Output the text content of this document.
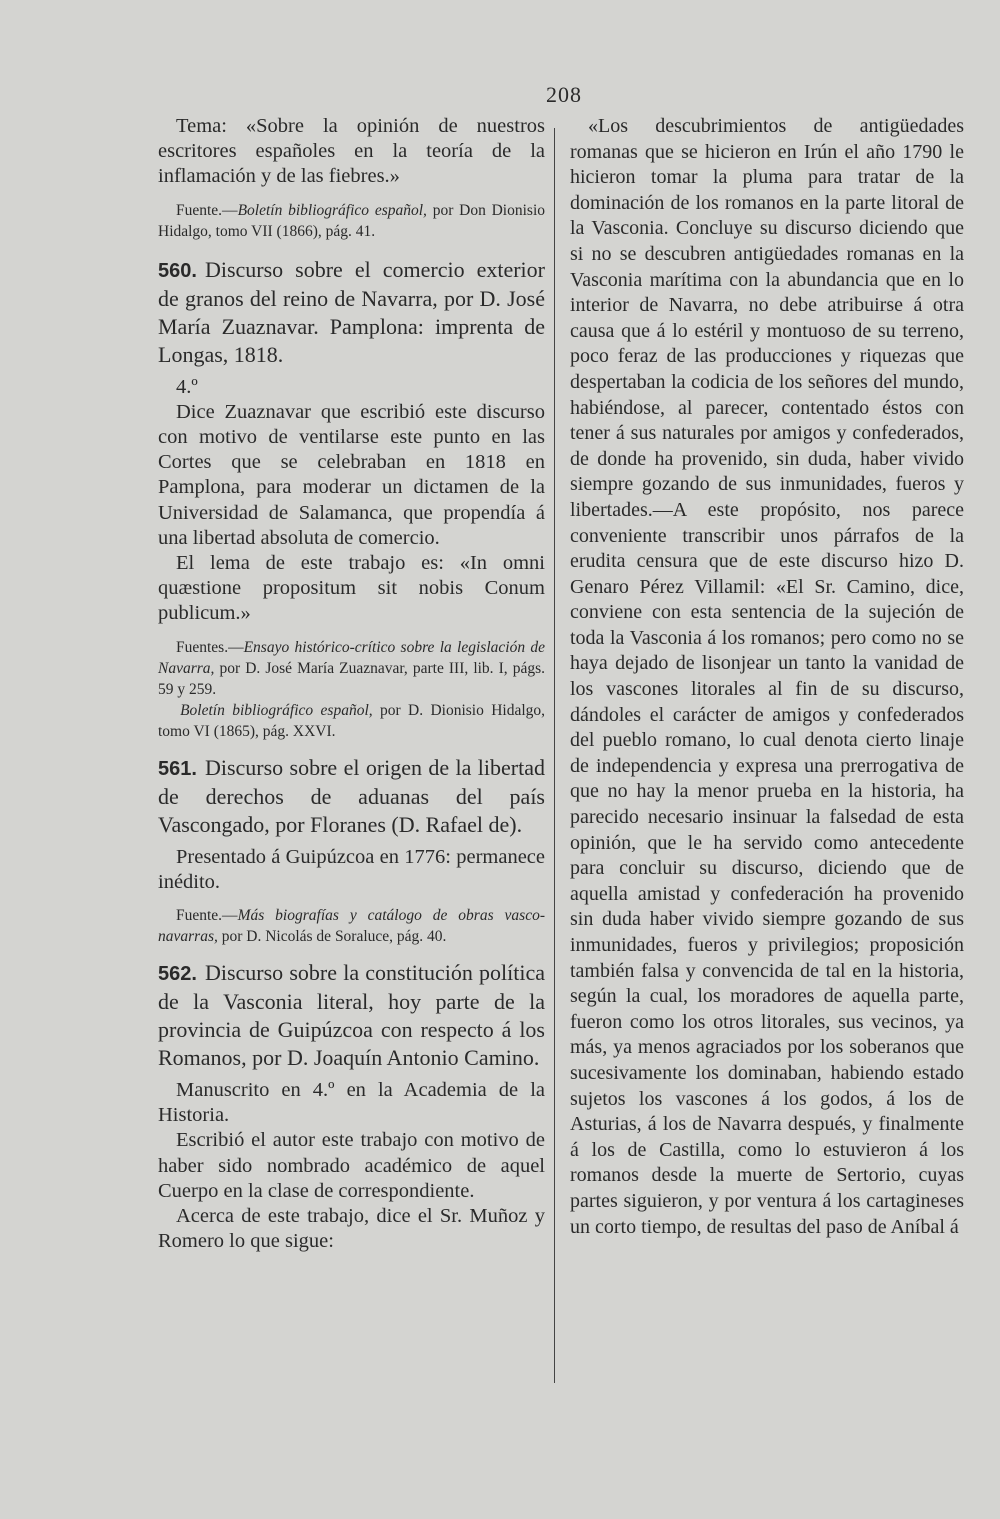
208

Tema: «Sobre la opinión de nuestros escritores españoles en la teoría de la inflamación y de las fiebres.»

Fuente.—Boletín bibliográfico español, por Don Dionisio Hidalgo, tomo VII (1866), pág. 41.

560. Discurso sobre el comercio exterior de granos del reino de Navarra, por D. José María Zuaznavar. Pamplona: imprenta de Longas, 1818.

4.º

Dice Zuaznavar que escribió este discurso con motivo de ventilarse este punto en las Cortes que se celebraban en 1818 en Pamplona, para moderar un dictamen de la Universidad de Salamanca, que propendía á una libertad absoluta de comercio.

El lema de este trabajo es: «In omni quæstione propositum sit nobis Conum publicum.»

Fuentes.—Ensayo histórico-crítico sobre la legislación de Navarra, por D. José María Zuaznavar, parte III, lib. I, págs. 59 y 259.
Boletín bibliográfico español, por D. Dionisio Hidalgo, tomo VI (1865), pág. XXVI.

561. Discurso sobre el origen de la libertad de derechos de aduanas del país Vascongado, por Floranes (D. Rafael de).

Presentado á Guipúzcoa en 1776: permanece inédito.

Fuente.—Más biografías y catálogo de obras vasco-navarras, por D. Nicolás de Soraluce, pág. 40.

562. Discurso sobre la constitución política de la Vasconia literal, hoy parte de la provincia de Guipúzcoa con respecto á los Romanos, por D. Joaquín Antonio Camino.

Manuscrito en 4.º en la Academia de la Historia.

Escribió el autor este trabajo con motivo de haber sido nombrado académico de aquel Cuerpo en la clase de correspondiente.

Acerca de este trabajo, dice el Sr. Muñoz y Romero lo que sigue:

«Los descubrimientos de antigüedades romanas que se hicieron en Irún el año 1790 le hicieron tomar la pluma para tratar de la dominación de los romanos en la parte litoral de la Vasconia. Concluye su discurso diciendo que si no se descubren antigüedades romanas en la Vasconia marítima con la abundancia que en lo interior de Navarra, no debe atribuirse á otra causa que á lo estéril y montuoso de su terreno, poco feraz de las producciones y riquezas que despertaban la codicia de los señores del mundo, habiéndose, al parecer, contentado éstos con tener á sus naturales por amigos y confederados, de donde ha provenido, sin duda, haber vivido siempre gozando de sus inmunidades, fueros y libertades.—A este propósito, nos parece conveniente transcribir unos párrafos de la erudita censura que de este discurso hizo D. Genaro Pérez Villamil: «El Sr. Camino, dice, conviene con esta sentencia de la sujeción de toda la Vasconia á los romanos; pero como no se haya dejado de lisonjear un tanto la vanidad de los vascones litorales al fin de su discurso, dándoles el carácter de amigos y confederados del pueblo romano, lo cual denota cierto linaje de independencia y expresa una prerrogativa de que no hay la menor prueba en la historia, ha parecido necesario insinuar la falsedad de esta opinión, que le ha servido como antecedente para concluir su discurso, diciendo que de aquella amistad y confederación ha provenido sin duda haber vivido siempre gozando de sus inmunidades, fueros y privilegios; proposición también falsa y convencida de tal en la historia, según la cual, los moradores de aquella parte, fueron como los otros litorales, sus vecinos, ya más, ya menos agraciados por los soberanos que sucesivamente los dominaban, habiendo estado sujetos los vascones á los godos, á los de Asturias, á los de Navarra después, y finalmente á los de Castilla, como lo estuvieron á los romanos desde la muerte de Sertorio, cuyas partes siguieron, y por ventura á los cartagineses un corto tiempo, de resultas del paso de Aníbal á
